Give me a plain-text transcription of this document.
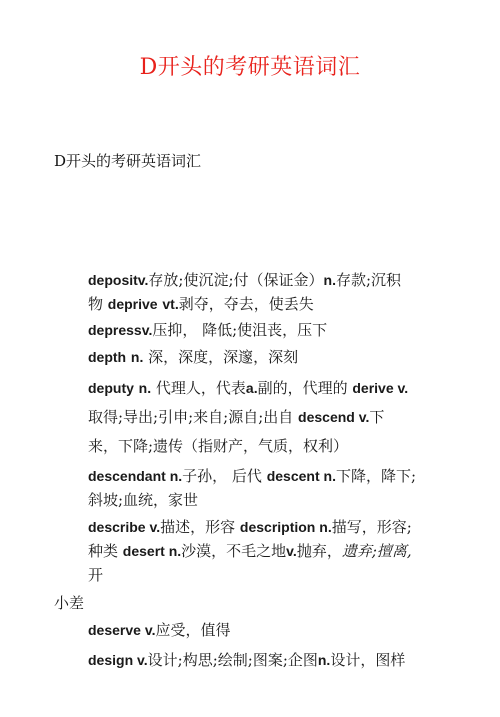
D开头的考研英语词汇
D开头的考研英语词汇
depositv.存放;使沉淀;付（保证金）n.存款;沉积
物 deprive vt.剥夺，夺去，使丢失
depressv.压抑， 降低;使沮丧，压下
depth n. 深，深度，深邃，深刻
deputy n. 代理人，代表a.副的，代理的 derive v.
取得;导出;引申;来自;源自;出自 descend v.下
来，下降;遗传（指财产，气质，权利）
descendant n.子孙， 后代 descent n.下降，降下;
斜坡;血统，家世
describe v.描述，形容 description n.描写，形容;
种类 desert n.沙漠，不毛之地v.抛弃，遗弃;擅离,
开
小差
deserve v.应受，值得
design v.设计;构思;绘制;图案;企图n.设计，图样
